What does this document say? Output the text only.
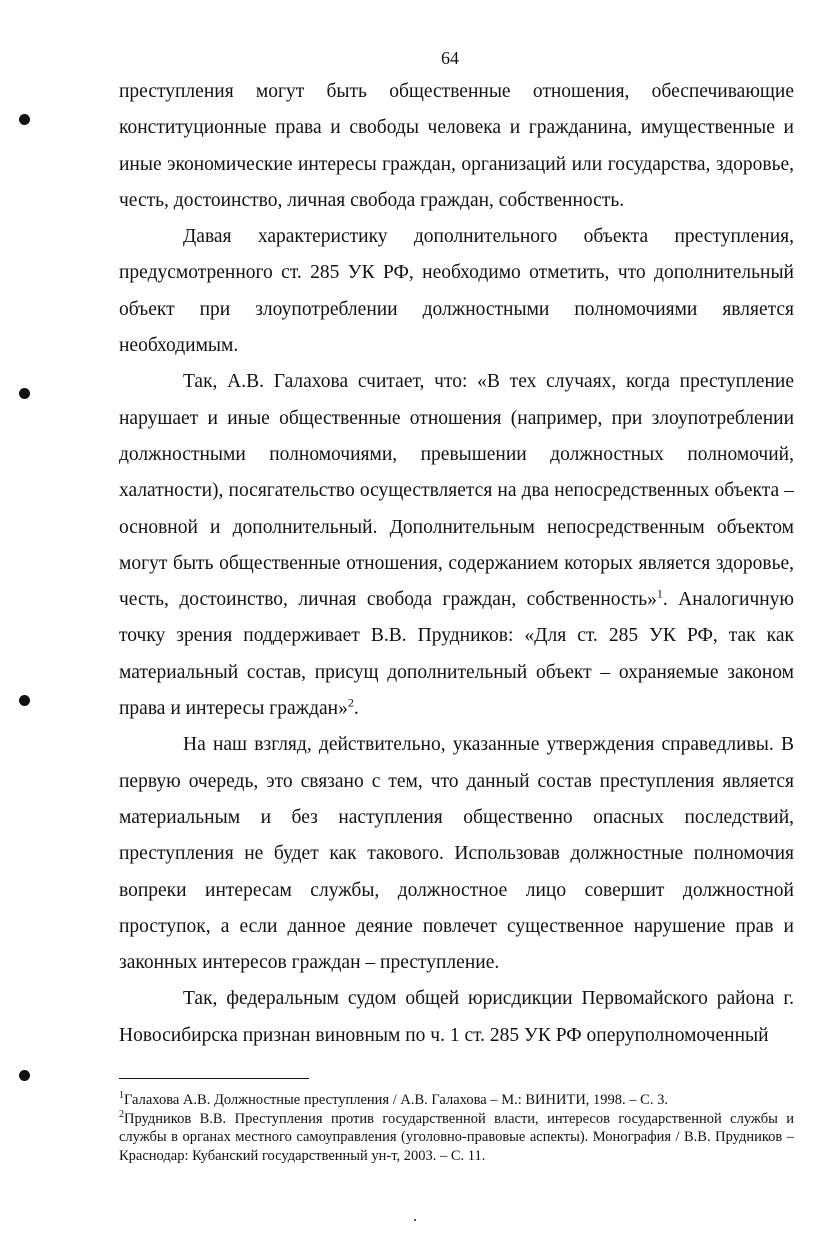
64

преступления могут быть общественные отношения, обеспечивающие конституционные права и свободы человека и гражданина, имущественные и иные экономические интересы граждан, организаций или государства, здоровье, честь, достоинство, личная свобода граждан, собственность.

Давая характеристику дополнительного объекта преступления, предусмотренного ст. 285 УК РФ, необходимо отметить, что дополнительный объект при злоупотреблении должностными полномочиями является необходимым.

Так, А.В. Галахова считает, что: «В тех случаях, когда преступление нарушает и иные общественные отношения (например, при злоупотреблении должностными полномочиями, превышении должностных полномочий, халатности), посягательство осуществляется на два непосредственных объекта – основной и дополнительный. Дополнительным непосредственным объектом могут быть общественные отношения, содержанием которых является здоровье, честь, достоинство, личная свобода граждан, собственность»$^1$. Аналогичную точку зрения поддерживает В.В. Прудников: «Для ст. 285 УК РФ, так как материальный состав, присущ дополнительный объект – охраняемые законом права и интересы граждан»$^2$.

На наш взгляд, действительно, указанные утверждения справедливы. В первую очередь, это связано с тем, что данный состав преступления является материальным и без наступления общественно опасных последствий, преступления не будет как такового. Использовав должностные полномочия вопреки интересам службы, должностное лицо совершит должностной проступок, а если данное деяние повлечет существенное нарушение прав и законных интересов граждан – преступление.

Так, федеральным судом общей юрисдикции Первомайского района г. Новосибирска признан виновным по ч. 1 ст. 285 УК РФ оперуполномоченный

$^1$Галахова А.В. Должностные преступления / А.В. Галахова – М.: ВИНИТИ, 1998. – С. 3.

$^2$Прудников В.В. Преступления против государственной власти, интересов государственной службы и службы в органах местного самоуправления (уголовно-правовые аспекты). Монография / В.В. Прудников – Краснодар: Кубанский государственный ун-т, 2003. – С. 11.
